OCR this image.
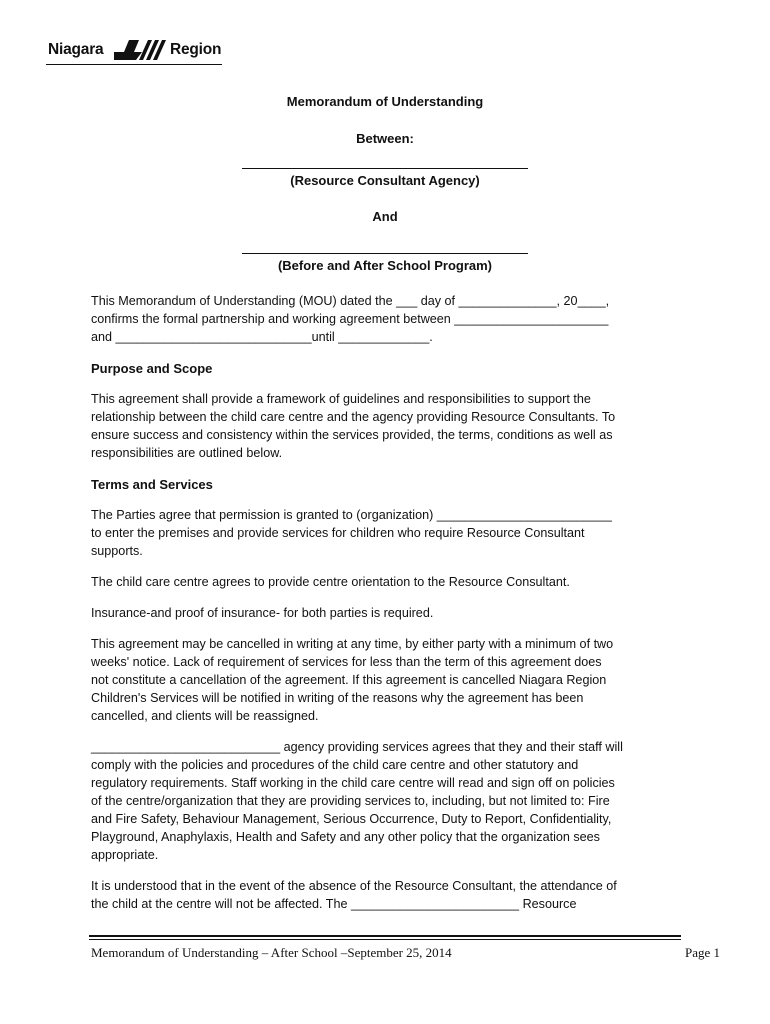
Niagara	Region
Memorandum of Understanding
Between:
(Resource Consultant Agency)
And
(Before and After School Program)
This Memorandum of Understanding (MOU) dated the ___ day of ______________, 20____,
confirms the formal partnership and working agreement between ______________________
and ____________________________until _____________.
Purpose and Scope
This agreement shall provide a framework of guidelines and responsibilities to support the
relationship between the child care centre and the agency providing Resource Consultants. To
ensure success and consistency within the services provided, the terms, conditions as well as
responsibilities are outlined below.
Terms and Services
The Parties agree that permission is granted to (organization) _________________________
to enter the premises and provide services for children who require Resource Consultant
supports.
The child care centre agrees to provide centre orientation to the Resource Consultant.
Insurance-and proof of insurance- for both parties is required.
This agreement may be cancelled in writing at any time, by either party with a minimum of two
weeks' notice. Lack of requirement of services for less than the term of this agreement does
not constitute a cancellation of the agreement. If this agreement is cancelled Niagara Region
Children's Services will be notified in writing of the reasons why the agreement has been
cancelled, and clients will be reassigned.
___________________________ agency providing services agrees that they and their staff will
comply with the policies and procedures of the child care centre and other statutory and
regulatory requirements. Staff working in the child care centre will read and sign off on policies
of the centre/organization that they are providing services to, including, but not limited to: Fire
and Fire Safety, Behaviour Management, Serious Occurrence, Duty to Report, Confidentiality,
Playground, Anaphylaxis, Health and Safety and any other policy that the organization sees
appropriate.
It is understood that in the event of the absence of the Resource Consultant, the attendance of
the child at the centre will not be affected. The ________________________ Resource
Memorandum of Understanding – After School –September 25, 2014	Page 1
